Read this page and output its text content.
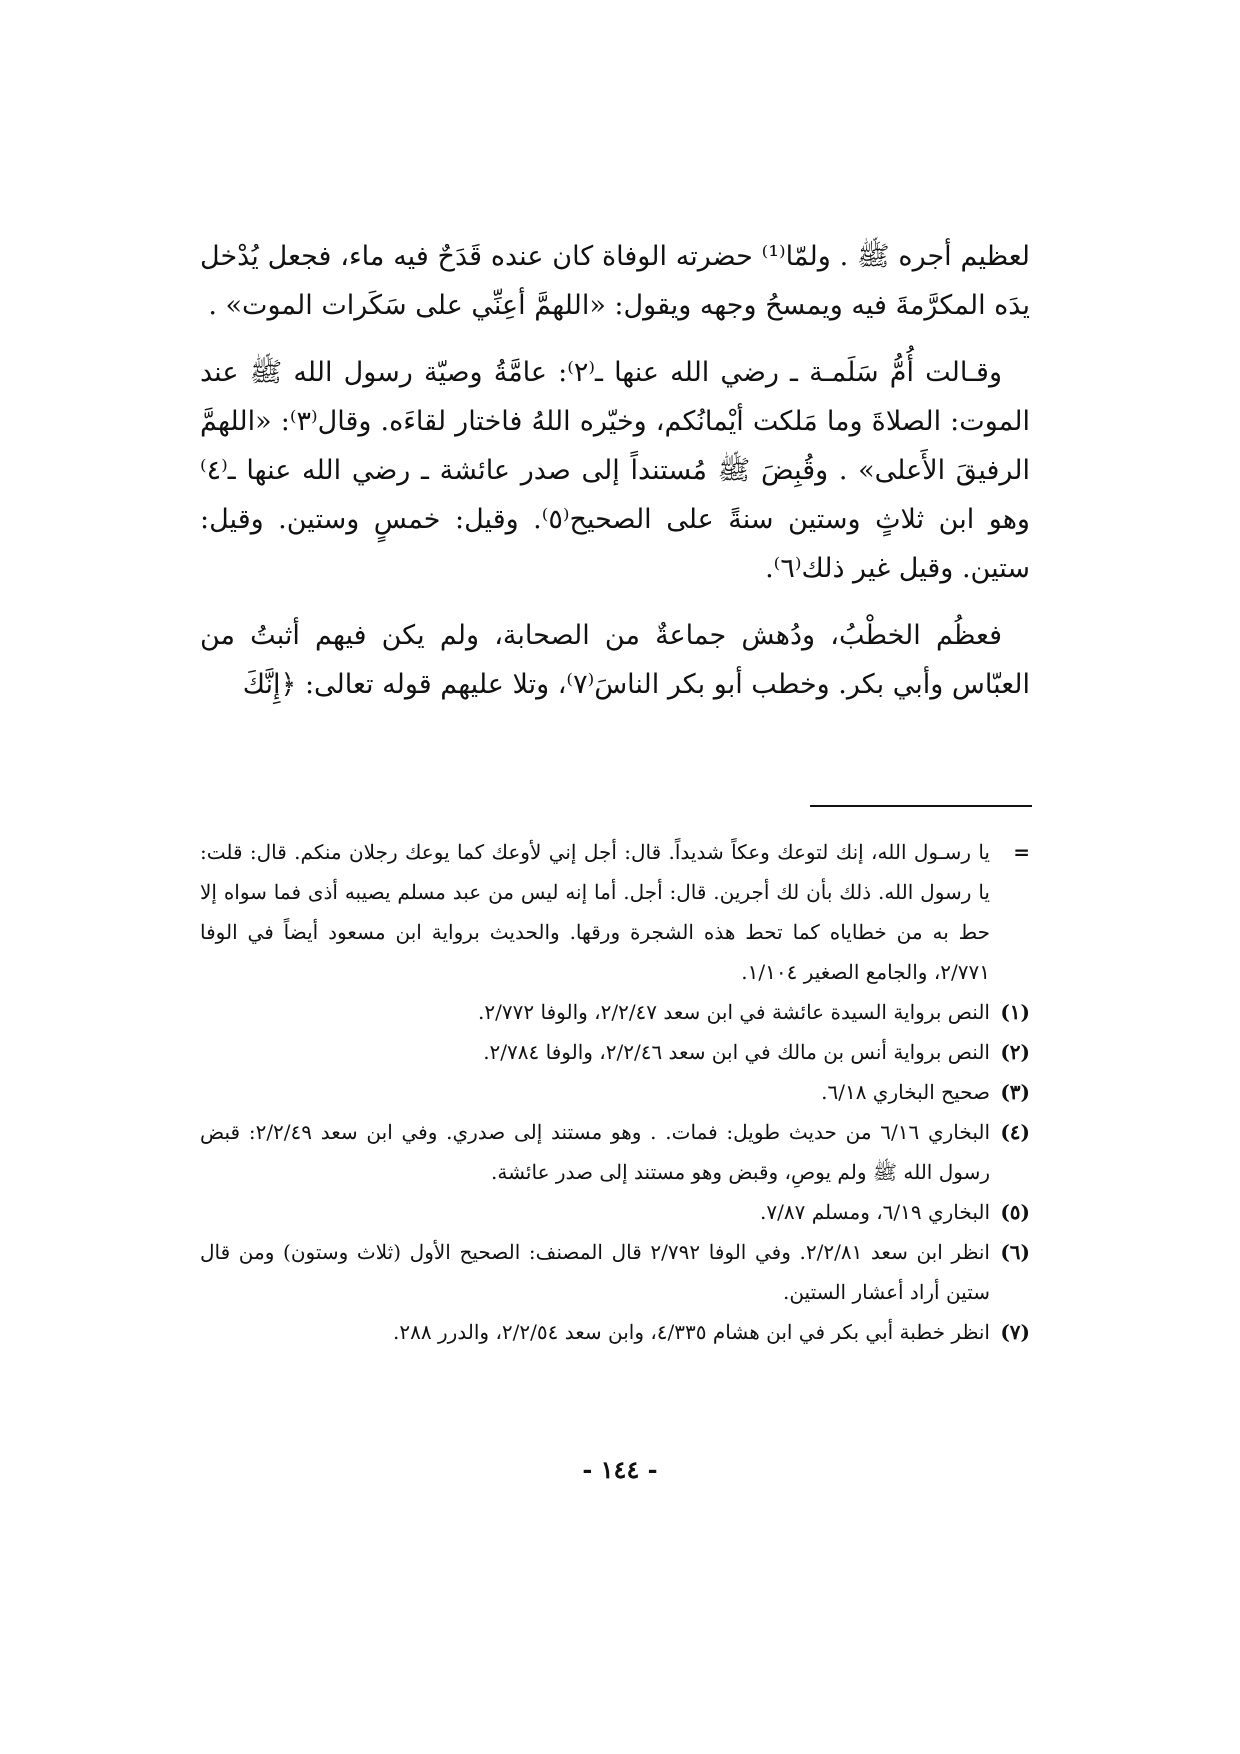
لعظيم أجره ﷺ . ولمّا⁽¹⁾ حضرته الوفاة كان عنده قَدَحٌ فيه ماء، فجعل يُدْخل يدَه المكرَّمةَ فيه ويمسحُ وجهه ويقول: «اللهمَّ أعِنِّي على سَكَرات الموت» .

وقـالت أُمُّ سَلَمـة ـ رضي الله عنها ـ⁽٢⁾: عامَّةُ وصيّة رسول الله ﷺ عند الموت: الصلاةَ وما مَلكت أيْمانُكم، وخيّره اللهُ فاختار لقاءَه. وقال⁽٣⁾: «اللهمَّ الرفيقَ الأَعلى» . وقُبِضَ ﷺ مُستنداً إلى صدر عائشة ـ رضي الله عنها ـ⁽٤⁾ وهو ابن ثلاثٍ وستين سنةً على الصحيح⁽٥⁾. وقيل: خمسٍ وستين. وقيل: ستين. وقيل غير ذلك⁽٦⁾.

فعظُم الخطْبُ، ودُهش جماعةٌ من الصحابة، ولم يكن فيهم أثبتُ من العبّاس وأبي بكر. وخطب أبو بكر الناسَ⁽٧⁾، وتلا عليهم قوله تعالى: ﴿إِنَّكَ

=
يا رسـول الله، إنك لتوعك وعكاً شديداً. قال: أجل إني لأوعك كما يوعك رجلان منكم. قال: قلت: يا رسول الله. ذلك بأن لك أجرين. قال: أجل. أما إنه ليس من عبد مسلم يصيبه أذى فما سواه إلا حط به من خطاياه كما تحط هذه الشجرة ورقها. والحديث برواية ابن مسعود أيضاً في الوفا ٢/٧٧١، والجامع الصغير ١/١٠٤.
(١)
النص برواية السيدة عائشة في ابن سعد ٢/٢/٤٧، والوفا ٢/٧٧٢.
(٢)
النص برواية أنس بن مالك في ابن سعد ٢/٢/٤٦، والوفا ٢/٧٨٤.
(٣)
صحيح البخاري ٦/١٨.
(٤)
البخاري ٦/١٦ من حديث طويل: فمات. . وهو مستند إلى صدري. وفي ابن سعد ٢/٢/٤٩: قبض رسول الله ﷺ ولم يوصِ، وقبض وهو مستند إلى صدر عائشة.
(٥)
البخاري ٦/١٩، ومسلم ٧/٨٧.
(٦)
انظر ابن سعد ٢/٢/٨١. وفي الوفا ٢/٧٩٢ قال المصنف: الصحيح الأول (ثلاث وستون) ومن قال ستين أراد أعشار الستين.
(٧)
انظر خطبة أبي بكر في ابن هشام ٤/٣٣٥، وابن سعد ٢/٢/٥٤، والدرر ٢٨٨.
- ١٤٤ -
